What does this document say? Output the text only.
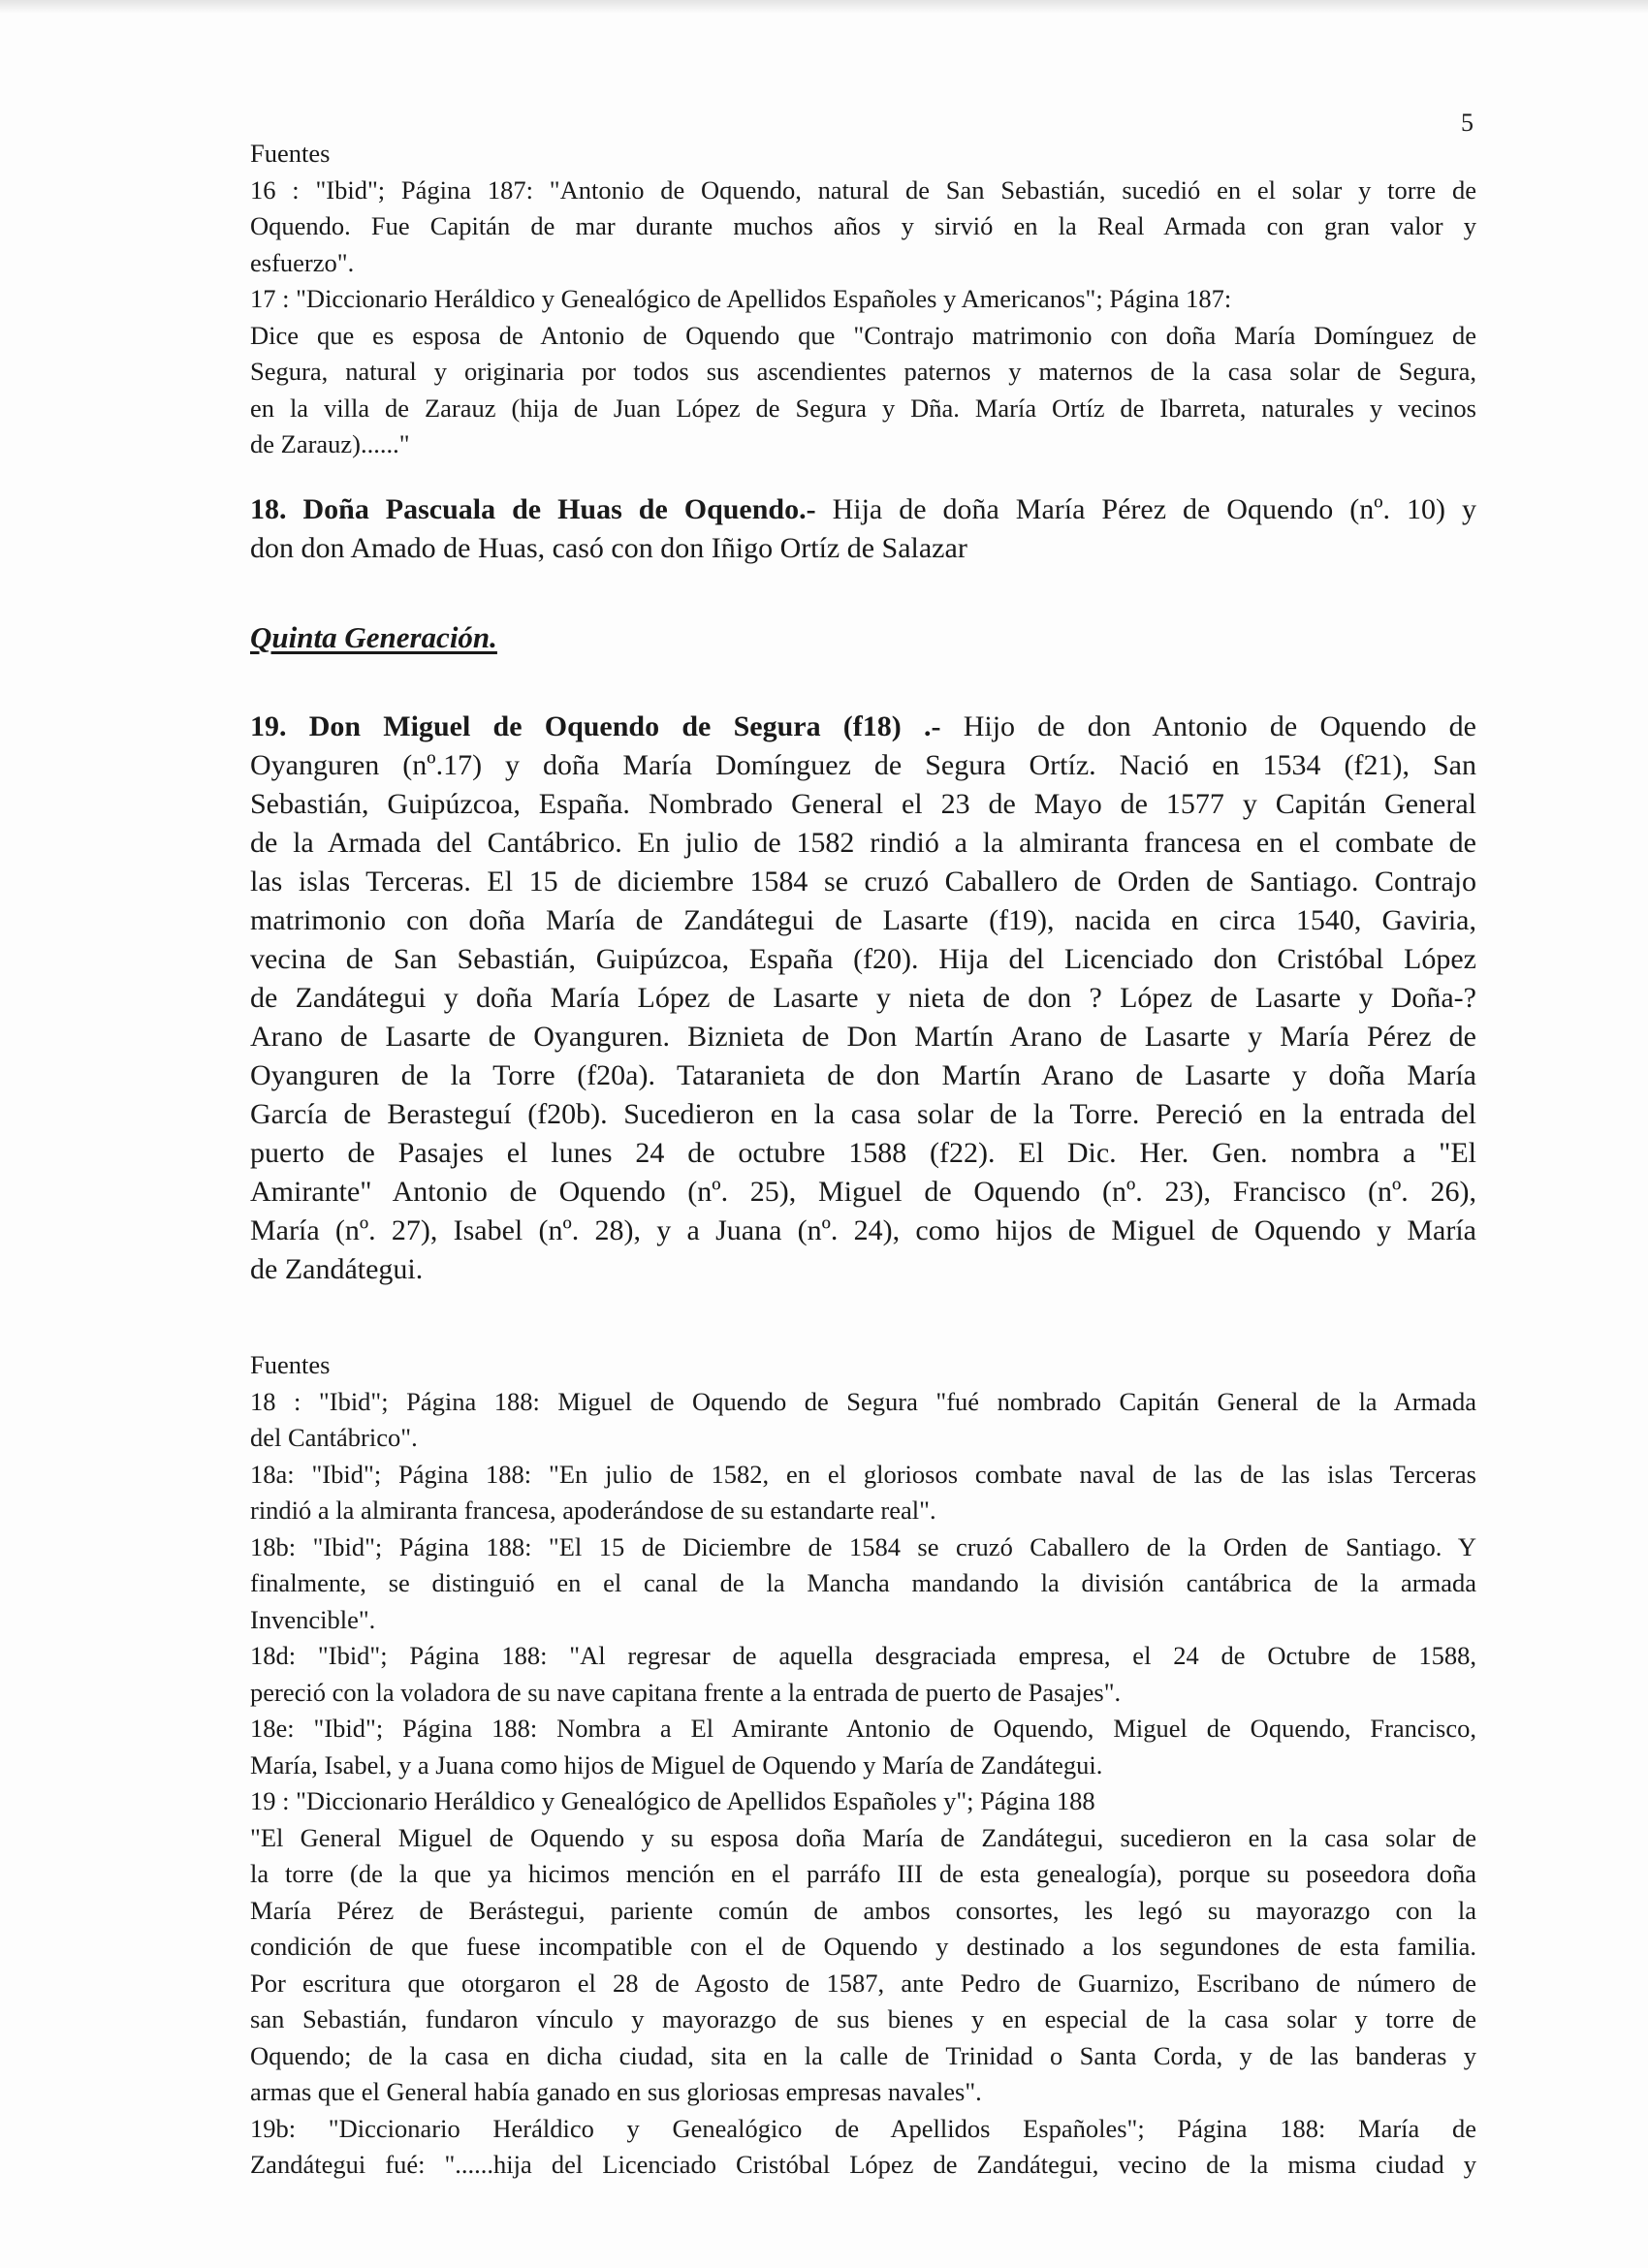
5
Fuentes
16 : "Ibid"; Página 187: "Antonio de Oquendo, natural de San Sebastián, sucedió en el solar y torre de
Oquendo. Fue Capitán de mar durante muchos años y sirvió en la Real Armada con gran valor y
esfuerzo".
17 : "Diccionario Heráldico y Genealógico de Apellidos Españoles y Americanos"; Página 187:
Dice que es esposa de Antonio de Oquendo que "Contrajo matrimonio con doña María Domínguez de
Segura, natural y originaria por todos sus ascendientes paternos y maternos de la casa solar de Segura,
en la villa de Zarauz (hija de Juan López de Segura y Dña. María Ortíz de Ibarreta, naturales y vecinos
de Zarauz)......"
18. Doña Pascuala de Huas de Oquendo.- Hija de doña María Pérez de Oquendo (nº. 10) y
don don Amado de Huas, casó con don Iñigo Ortíz de Salazar
Quinta Generación.
19. Don Miguel de Oquendo de Segura (f18) .- Hijo de don Antonio de Oquendo de
Oyanguren (nº.17) y doña María Domínguez de Segura Ortíz. Nació en 1534 (f21), San
Sebastián, Guipúzcoa, España. Nombrado General el 23 de Mayo de 1577 y Capitán General
de la Armada del Cantábrico. En julio de 1582 rindió a la almiranta francesa en el combate de
las islas Terceras. El 15 de diciembre 1584 se cruzó Caballero de Orden de Santiago. Contrajo
matrimonio con doña María de Zandátegui de Lasarte (f19), nacida en circa 1540, Gaviria,
vecina de San Sebastián, Guipúzcoa, España (f20). Hija del Licenciado don Cristóbal López
de Zandátegui y doña María López de Lasarte y nieta de don ? López de Lasarte y Doña-?
Arano de Lasarte de Oyanguren. Biznieta de Don Martín Arano de Lasarte y María Pérez de
Oyanguren de la Torre (f20a). Tataranieta de don Martín Arano de Lasarte y doña María
García de Berasteguí (f20b). Sucedieron en la casa solar de la Torre. Pereció en la entrada del
puerto de Pasajes el lunes 24 de octubre 1588 (f22). El Dic. Her. Gen. nombra a "El
Amirante" Antonio de Oquendo (nº. 25), Miguel de Oquendo (nº. 23), Francisco (nº. 26),
María (nº. 27), Isabel (nº. 28), y a Juana (nº. 24), como hijos de Miguel de Oquendo y María
de Zandátegui.
Fuentes
18 : "Ibid"; Página 188: Miguel de Oquendo de Segura "fué nombrado Capitán General de la Armada
del Cantábrico".
18a: "Ibid"; Página 188: "En julio de 1582, en el gloriosos combate naval de las de las islas Terceras
rindió a la almiranta francesa, apoderándose de su estandarte real".
18b: "Ibid"; Página 188: "El 15 de Diciembre de 1584 se cruzó Caballero de la Orden de Santiago. Y
finalmente, se distinguió en el canal de la Mancha mandando la división cantábrica de la armada
Invencible".
18d: "Ibid"; Página 188: "Al regresar de aquella desgraciada empresa, el 24 de Octubre de 1588,
pereció con la voladora de su nave capitana frente a la entrada de puerto de Pasajes".
18e: "Ibid"; Página 188: Nombra a El Amirante Antonio de Oquendo, Miguel de Oquendo, Francisco,
María, Isabel, y a Juana como hijos de Miguel de Oquendo y María de Zandátegui.
19 : "Diccionario Heráldico y Genealógico de Apellidos Españoles y"; Página 188
"El General Miguel de Oquendo y su esposa doña María de Zandátegui, sucedieron en la casa solar de
la torre (de la que ya hicimos mención en el parráfo III de esta genealogía), porque su poseedora doña
María Pérez de Berástegui, pariente común de ambos consortes, les legó su mayorazgo con la
condición de que fuese incompatible con el de Oquendo y destinado a los segundones de esta familia.
Por escritura que otorgaron el 28 de Agosto de 1587, ante Pedro de Guarnizo, Escribano de número de
san Sebastián, fundaron vínculo y mayorazgo de sus bienes y en especial de la casa solar y torre de
Oquendo; de la casa en dicha ciudad, sita en la calle de Trinidad o Santa Corda, y de las banderas y
armas que el General había ganado en sus gloriosas empresas navales".
19b: "Diccionario Heráldico y Genealógico de Apellidos Españoles"; Página 188: María de
Zandátegui fué: "......hija del Licenciado Cristóbal López de Zandátegui, vecino de la misma ciudad y
